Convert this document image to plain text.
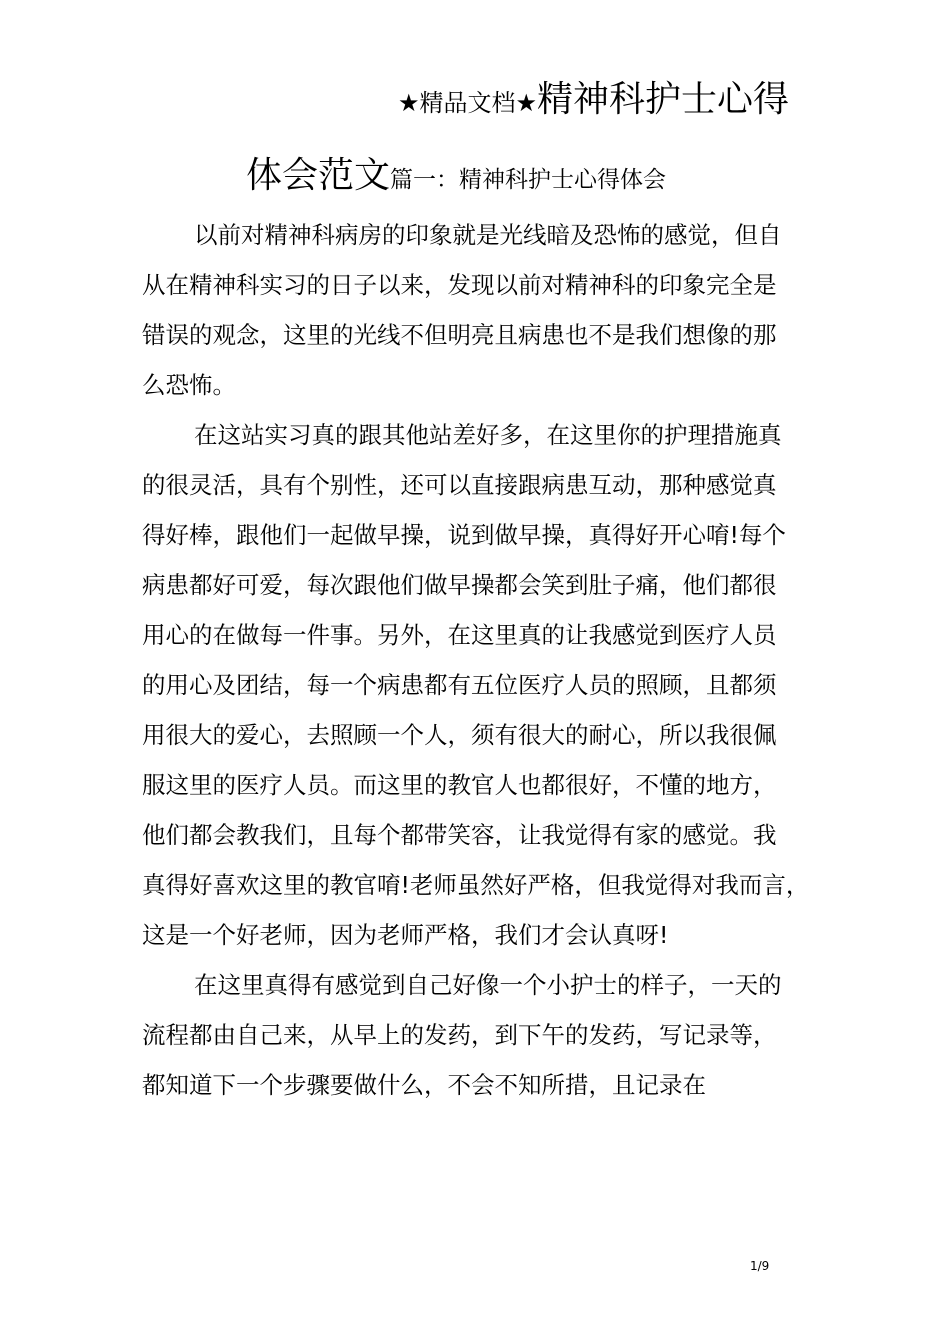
★精品文档★精神科护士心得
体会范文篇一：精神科护士心得体会
以前对精神科病房的印象就是光线暗及恐怖的感觉，但自
从在精神科实习的日子以来，发现以前对精神科的印象完全是
错误的观念，这里的光线不但明亮且病患也不是我们想像的那
么恐怖。
在这站实习真的跟其他站差好多，在这里你的护理措施真
的很灵活，具有个别性，还可以直接跟病患互动，那种感觉真
得好棒，跟他们一起做早操，说到做早操，真得好开心唷!每个
病患都好可爱，每次跟他们做早操都会笑到肚子痛，他们都很
用心的在做每一件事。另外，在这里真的让我感觉到医疗人员
的用心及团结，每一个病患都有五位医疗人员的照顾，且都须
用很大的爱心，去照顾一个人，须有很大的耐心，所以我很佩
服这里的医疗人员。而这里的教官人也都很好，不懂的地方，
他们都会教我们，且每个都带笑容，让我觉得有家的感觉。我
真得好喜欢这里的教官唷!老师虽然好严格，但我觉得对我而言，
这是一个好老师，因为老师严格，我们才会认真呀!
在这里真得有感觉到自己好像一个小护士的样子，一天的
流程都由自己来，从早上的发药，到下午的发药，写记录等，
都知道下一个步骤要做什么，不会不知所措，且记录在
1/9
